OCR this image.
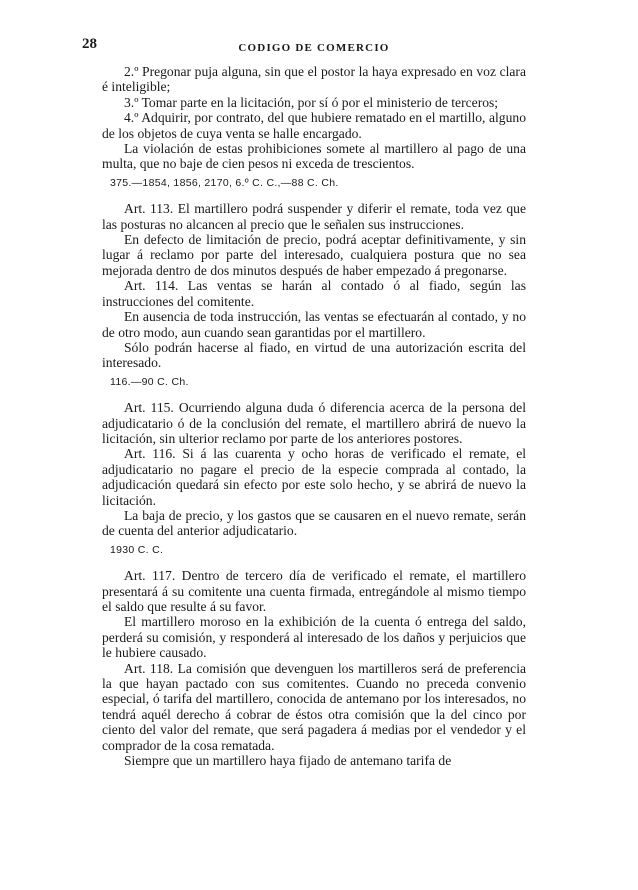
28	CODIGO DE COMERCIO

2.º Pregonar puja alguna, sin que el postor la haya expresado en voz clara é inteligible;

3.º Tomar parte en la licitación, por sí ó por el ministerio de terceros;

4.º Adquirir, por contrato, del que hubiere rematado en el martillo, alguno de los objetos de cuya venta se halle encargado.

La violación de estas prohibiciones somete al martillero al pago de una multa, que no baje de cien pesos ni exceda de trescientos.

375.—1854, 1856, 2170, 6.º C. C.,—88 C. Ch.

Art. 113. El martillero podrá suspender y diferir el remate, toda vez que las posturas no alcancen al precio que le señalen sus instrucciones.

En defecto de limitación de precio, podrá aceptar definitivamente, y sin lugar á reclamo por parte del interesado, cualquiera postura que no sea mejorada dentro de dos minutos después de haber empezado á pregonarse.

Art. 114. Las ventas se harán al contado ó al fiado, según las instrucciones del comitente.

En ausencia de toda instrucción, las ventas se efectuarán al contado, y no de otro modo, aun cuando sean garantidas por el martillero.

Sólo podrán hacerse al fiado, en virtud de una autorización escrita del interesado.

116.—90 C. Ch.

Art. 115. Ocurriendo alguna duda ó diferencia acerca de la persona del adjudicatario ó de la conclusión del remate, el martillero abrirá de nuevo la licitación, sin ulterior reclamo por parte de los anteriores postores.

Art. 116. Si á las cuarenta y ocho horas de verificado el remate, el adjudicatario no pagare el precio de la especie comprada al contado, la adjudicación quedará sin efecto por este solo hecho, y se abrirá de nuevo la licitación.

La baja de precio, y los gastos que se causaren en el nuevo remate, serán de cuenta del anterior adjudicatario.

1930 C. C.

Art. 117. Dentro de tercero día de verificado el remate, el martillero presentará á su comitente una cuenta firmada, entregándole al mismo tiempo el saldo que resulte á su favor.

El martillero moroso en la exhibición de la cuenta ó entrega del saldo, perderá su comisión, y responderá al interesado de los daños y perjuicios que le hubiere causado.

Art. 118. La comisión que devenguen los martilleros será de preferencia la que hayan pactado con sus comitentes. Cuando no preceda convenio especial, ó tarifa del martillero, conocida de antemano por los interesados, no tendrá aquél derecho á cobrar de éstos otra comisión que la del cinco por ciento del valor del remate, que será pagadera á medias por el vendedor y el comprador de la cosa rematada.

Siempre que un martillero haya fijado de antemano tarifa de
